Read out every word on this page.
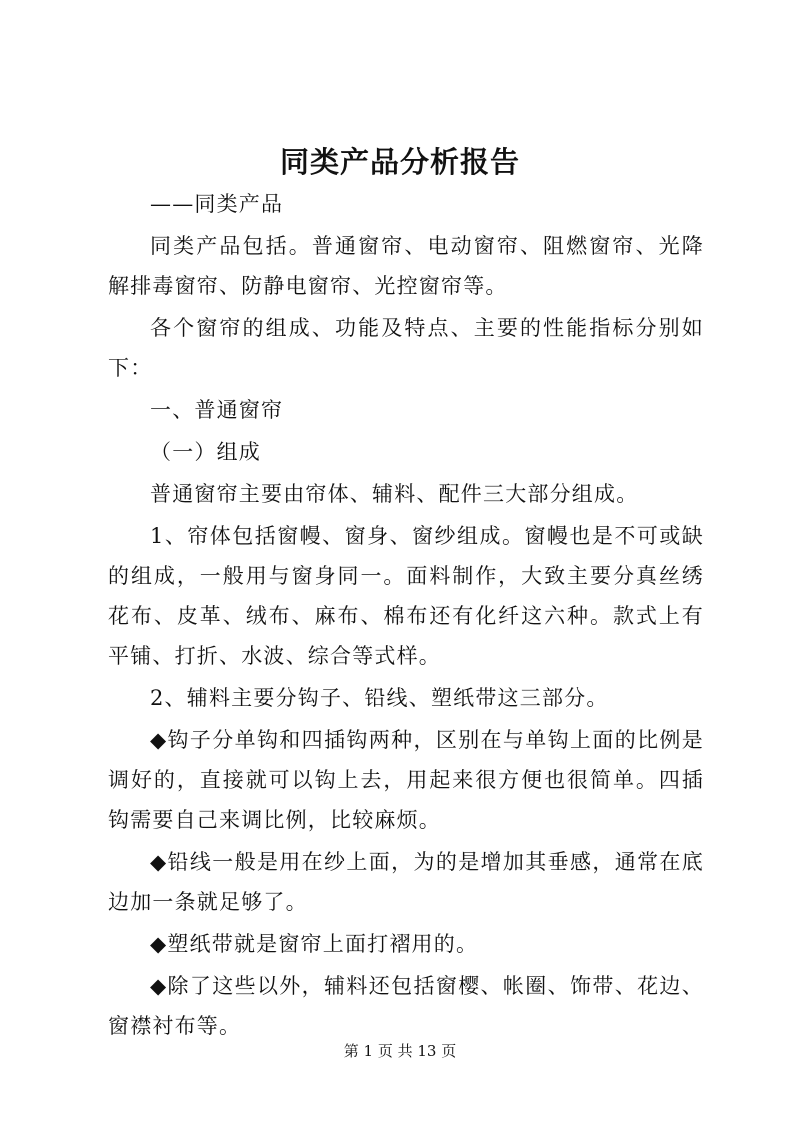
同类产品分析报告

——同类产品

同类产品包括。普通窗帘、电动窗帘、阻燃窗帘、光降解排毒窗帘、防静电窗帘、光控窗帘等。

各个窗帘的组成、功能及特点、主要的性能指标分别如下：

一、普通窗帘

（一）组成

普通窗帘主要由帘体、辅料、配件三大部分组成。

1、帘体包括窗幔、窗身、窗纱组成。窗幔也是不可或缺的组成，一般用与窗身同一。面料制作，大致主要分真丝绣花布、皮革、绒布、麻布、棉布还有化纤这六种。款式上有平铺、打折、水波、综合等式样。

2、辅料主要分钩子、铅线、塑纸带这三部分。

◆钩子分单钩和四插钩两种，区别在与单钩上面的比例是调好的，直接就可以钩上去，用起来很方便也很简单。四插钩需要自己来调比例，比较麻烦。

◆铅线一般是用在纱上面，为的是增加其垂感，通常在底边加一条就足够了。

◆塑纸带就是窗帘上面打褶用的。

◆除了这些以外，辅料还包括窗樱、帐圈、饰带、花边、窗襟衬布等。

第 1 页 共 13 页
